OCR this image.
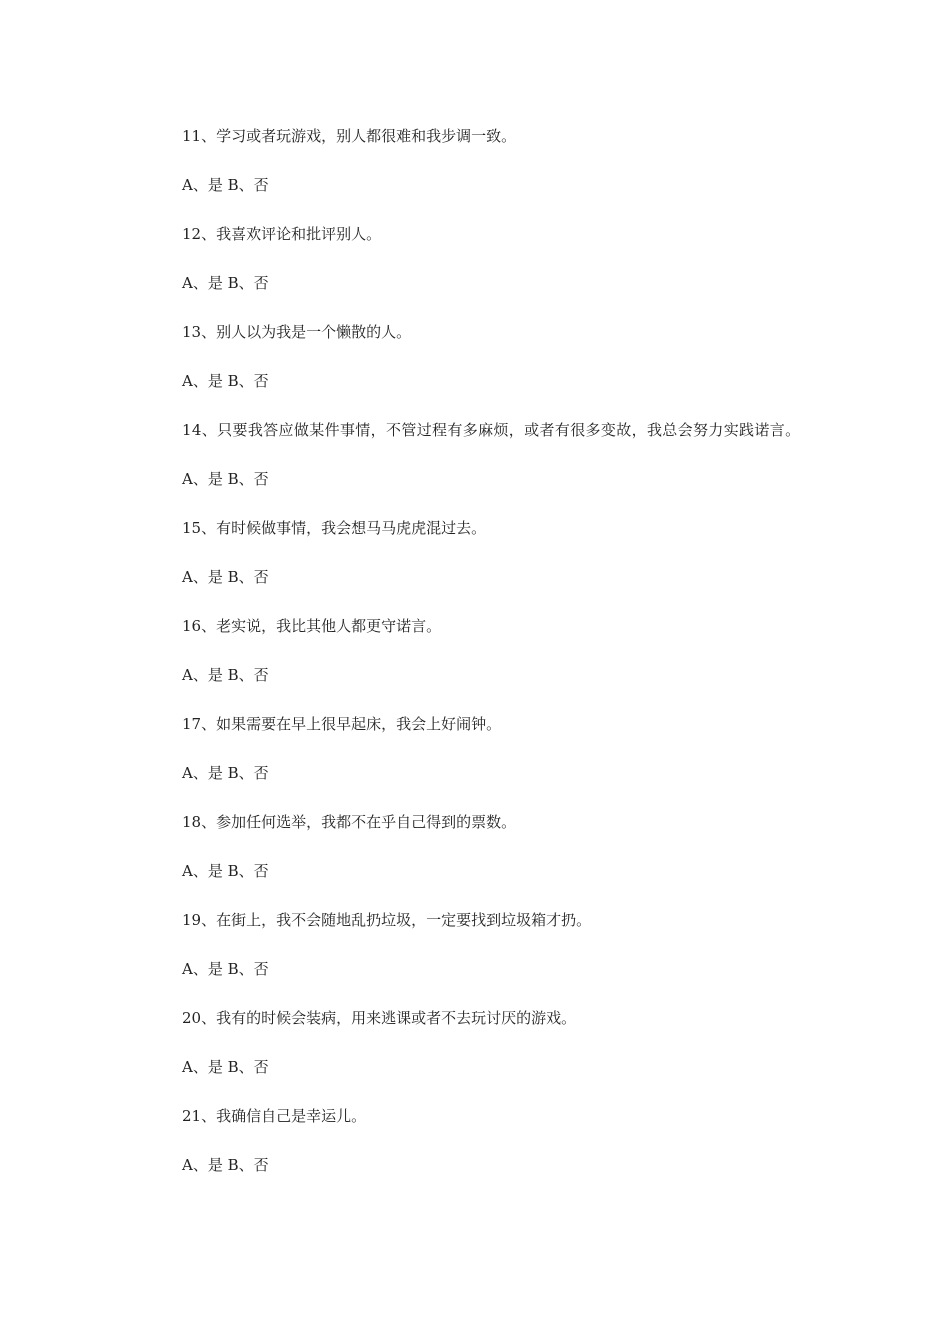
11、学习或者玩游戏，别人都很难和我步调一致。

A、是 B、否

12、我喜欢评论和批评别人。

A、是 B、否

13、别人以为我是一个懒散的人。

A、是 B、否

14、只要我答应做某件事情，不管过程有多麻烦，或者有很多变故，我总会努力实践诺言。

A、是 B、否

15、有时候做事情，我会想马马虎虎混过去。

A、是 B、否

16、老实说，我比其他人都更守诺言。

A、是 B、否

17、如果需要在早上很早起床，我会上好闹钟。

A、是 B、否

18、参加任何选举，我都不在乎自己得到的票数。

A、是 B、否

19、在街上，我不会随地乱扔垃圾，一定要找到垃圾箱才扔。

A、是 B、否

20、我有的时候会装病，用来逃课或者不去玩讨厌的游戏。

A、是 B、否

21、我确信自己是幸运儿。

A、是 B、否
